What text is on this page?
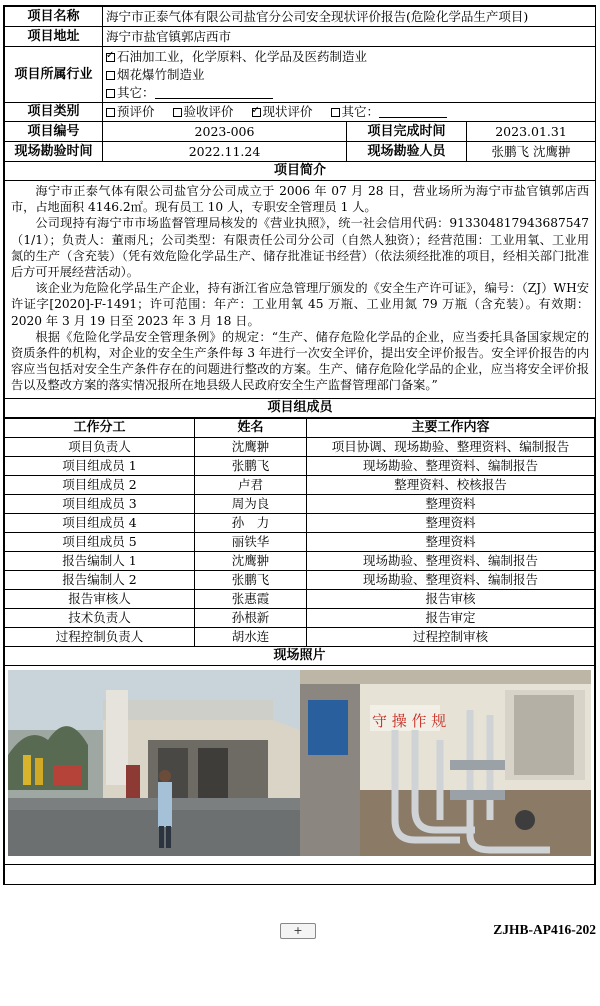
项目名称	海宁市正泰气体有限公司盐官分公司安全现状评价报告(危险化学品生产项目)		
项目地址	海宁市盐官镇郭店西市		
项目所属行业	
✓石油加工业，化学原料、化学品及医药制造业
烟花爆竹制造业
其它：

项目类别	预评价 验收评价 ✓ 现状评价 其它：
项目编号	2023-006	项目完成时间	2023.01.31
现场勘验时间	2022.11.24	现场勘验人员	张鹏飞 沈鹰翀
项目简介			

海宁市正泰气体有限公司盐官分公司成立于 2006 年 07 月 28 日，营业场所为海宁市盐官镇郭店西市，占地面积 4146.2㎡。现有员工 10 人，专职安全管理员 1 人。

公司现持有海宁市市场监督管理局核发的《营业执照》，统一社会信用代码：91330481794368754​7（1/1）；负责人：董雨凡；公司类型：有限责任公司分公司（自然人独资）；经营范围：工业用氧、工业用氮的生产（含充装）（凭有效危险化学品生产、储存批准证书经营）（依法须经批准的项目，经相关部门批准后方可开展经营活动）。

该企业为危险化学品生产企业，持有浙江省应急管理厅颁发的《安全生产许可证》，编号：（ZJ）WH安许证字[2020]-F-1491；许可范围：年产：工业用氧 45 万瓶、工业用氮 79 万瓶（含充装）。有效期：2020 年 3 月 19 日至 2023 年 3 月 18 日。

根据《危险化学品安全管理条例》的规定：“生产、储存危险化学品的企业，应当委托具备国家规定的资质条件的机构，对企业的安全生产条件每 3 年进行一次安全评价，提出安全评价报告。安全评价报告的内容应当包括对安全生产条件存在的问题进行整改的方案。生产、储存危险化学品的企业，应当将安全评价报告以及整改方案的落实情况报所在地县级人民政府安全生产监督管理部门备案。”			

项目组成员			
工作分工	姓名	主要工作内容
项目负责人	沈鹰翀	项目协调、现场勘验、整理资料、编制报告
项目组成员 1	张鹏飞	现场勘验、整理资料、编制报告
项目组成员 2	卢君	整理资料、校核报告
项目组成员 3	周为良	整理资料
项目组成员 4	孙　力	整理资料
项目组成员 5	丽铁华	整理资料
报告编制人 1	沈鹰翀	现场勘验、整理资料、编制报告
报告编制人 2	张鹏飞	现场勘验、整理资料、编制报告
报告审核人	张惠霞	报告审核
技术负责人	孙根新	报告审定
过程控制负责人	胡水连	过程控制审核
现场照片		

守 操 作 规		

+	ZJHB-AP416-202
